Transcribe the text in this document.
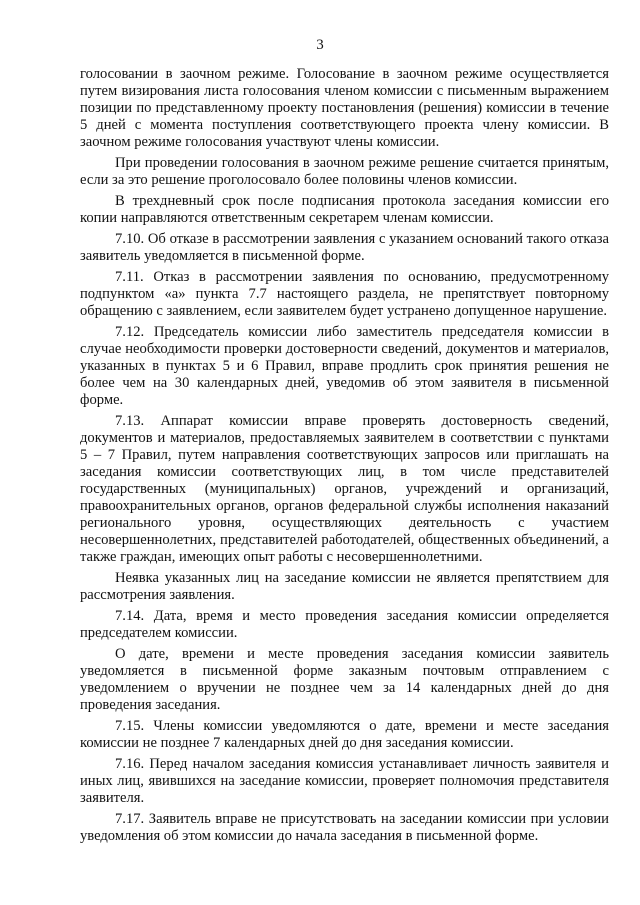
3

голосовании в заочном режиме. Голосование в заочном режиме осуществляется путем визирования листа голосования членом комиссии с письменным выражением позиции по представленному проекту постановления (решения) комиссии в течение 5 дней с момента поступления соответствующего проекта члену комиссии. В заочном режиме голосования участвуют члены комиссии.

При проведении голосования в заочном режиме решение считается принятым, если за это решение проголосовало более половины членов комиссии.

В трехдневный срок после подписания протокола заседания комиссии его копии направляются ответственным секретарем членам комиссии.

7.10. Об отказе в рассмотрении заявления с указанием оснований такого отказа заявитель уведомляется в письменной форме.

7.11. Отказ в рассмотрении заявления по основанию, предусмотренному подпунктом «а» пункта 7.7 настоящего раздела, не препятствует повторному обращению с заявлением, если заявителем будет устранено допущенное нарушение.

7.12. Председатель комиссии либо заместитель председателя комиссии в случае необходимости проверки достоверности сведений, документов и материалов, указанных в пунктах 5 и 6 Правил, вправе продлить срок принятия решения не более чем на 30 календарных дней, уведомив об этом заявителя в письменной форме.

7.13. Аппарат комиссии вправе проверять достоверность сведений, документов и материалов, предоставляемых заявителем в соответствии с пунктами 5 – 7 Правил, путем направления соответствующих запросов или приглашать на заседания комиссии соответствующих лиц, в том числе представителей государственных (муниципальных) органов, учреждений и организаций, правоохранительных органов, органов федеральной службы исполнения наказаний регионального уровня, осуществляющих деятельность с участием несовершеннолетних, представителей работодателей, общественных объединений, а также граждан, имеющих опыт работы с несовершеннолетними.

Неявка указанных лиц на заседание комиссии не является препятствием для рассмотрения заявления.

7.14. Дата, время и место проведения заседания комиссии определяется председателем комиссии.

О дате, времени и месте проведения заседания комиссии заявитель уведомляется в письменной форме заказным почтовым отправлением с уведомлением о вручении не позднее чем за 14 календарных дней до дня проведения заседания.

7.15. Члены комиссии уведомляются о дате, времени и месте заседания комиссии не позднее 7 календарных дней до дня заседания комиссии.

7.16. Перед началом заседания комиссия устанавливает личность заявителя и иных лиц, явившихся на заседание комиссии, проверяет полномочия представителя заявителя.

7.17. Заявитель вправе не присутствовать на заседании комиссии при условии уведомления об этом комиссии до начала заседания в письменной форме.
